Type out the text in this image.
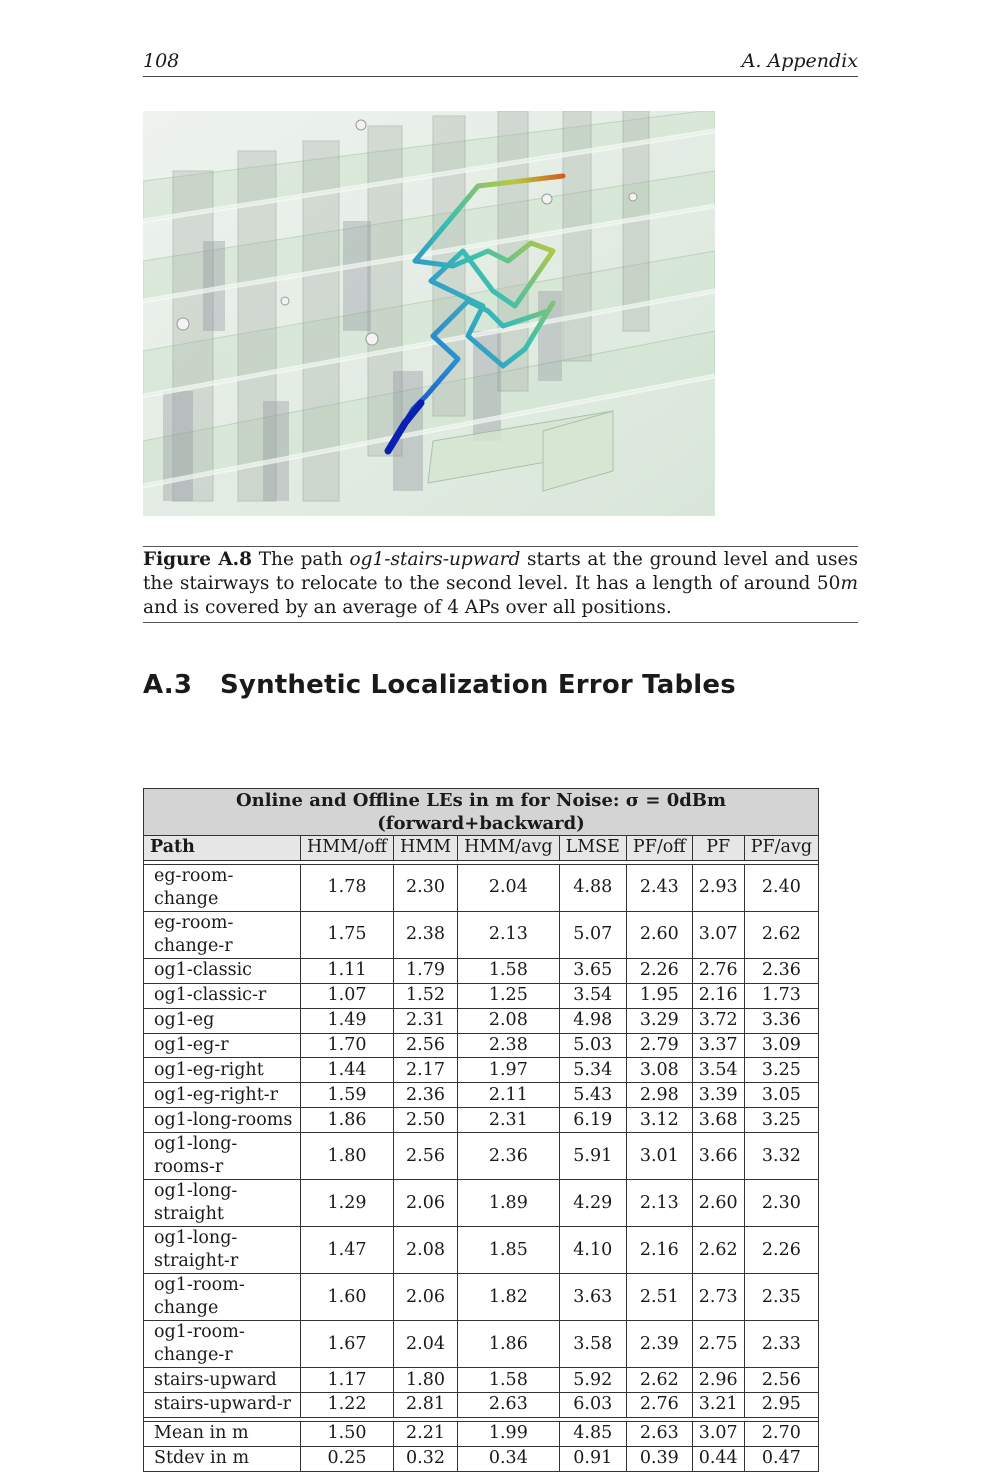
108	A. Appendix
Figure A.8 The path og1-stairs-upward starts at the ground level and uses the stairways to relocate to the second level. It has a length of around 50m and is covered by an average of 4 APs over all positions.
A.3 Synthetic Localization Error Tables
Online and Offline LEs in m for Noise: σ = 0dBm (forward+backward)							
Path	HMM/off	HMM	HMM/avg	LMSE	PF/off	PF	PF/avg

eg-room-change	1.78	2.30	2.04	4.88	2.43	2.93	2.40
eg-room-change-r	1.75	2.38	2.13	5.07	2.60	3.07	2.62
og1-classic	1.11	1.79	1.58	3.65	2.26	2.76	2.36
og1-classic-r	1.07	1.52	1.25	3.54	1.95	2.16	1.73
og1-eg	1.49	2.31	2.08	4.98	3.29	3.72	3.36
og1-eg-r	1.70	2.56	2.38	5.03	2.79	3.37	3.09
og1-eg-right	1.44	2.17	1.97	5.34	3.08	3.54	3.25
og1-eg-right-r	1.59	2.36	2.11	5.43	2.98	3.39	3.05
og1-long-rooms	1.86	2.50	2.31	6.19	3.12	3.68	3.25
og1-long-rooms-r	1.80	2.56	2.36	5.91	3.01	3.66	3.32
og1-long-straight	1.29	2.06	1.89	4.29	2.13	2.60	2.30
og1-long-straight-r	1.47	2.08	1.85	4.10	2.16	2.62	2.26
og1-room-change	1.60	2.06	1.82	3.63	2.51	2.73	2.35
og1-room-change-r	1.67	2.04	1.86	3.58	2.39	2.75	2.33
stairs-upward	1.17	1.80	1.58	5.92	2.62	2.96	2.56
stairs-upward-r	1.22	2.81	2.63	6.03	2.76	3.21	2.95

Mean in m	1.50	2.21	1.99	4.85	2.63	3.07	2.70
Stdev in m	0.25	0.32	0.34	0.91	0.39	0.44	0.47
